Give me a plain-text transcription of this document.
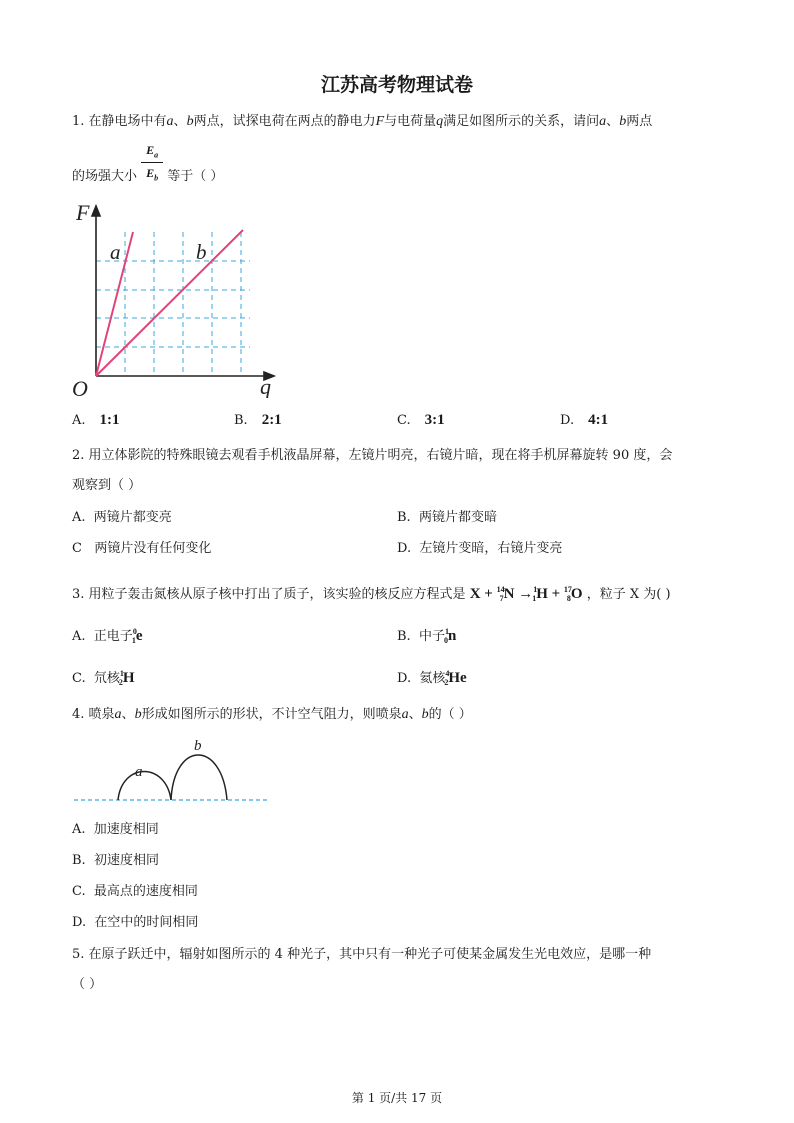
江苏高考物理试卷
1. 在静电场中有a、b两点，试探电荷在两点的静电力F与电荷量q满足如图所示的关系，请问a、b两点
的场强大小 $\frac{E_a}{E_b}$ 等于（ ）
F
q
O
a	b
A. 1:1	B. 2:1	C. 3:1	D. 4:1
2. 用立体影院的特殊眼镜去观看手机液晶屏幕，左镜片明亮，右镜片暗，现在将手机屏幕旋转 90 度，会
观察到（ ）
A. 两镜片都变亮	B. 两镜片都变暗
C 两镜片没有任何变化	D. 左镜片变暗，右镜片变亮
3. 用粒子轰击氮核从原子核中打出了质子，该实验的核反应方程式是 X + $^{14}_7$N →$^1_1$H + $^{17}_8$O ，粒子 X 为( )
A. 正电子$^0_1$e	B. 中子$^1_0$n
C. 氘核$^1_2$H	D. 氦核$^4_2$He
4. 喷泉a、b形成如图所示的形状，不计空气阻力，则喷泉a、b的（ ）
a
b
A. 加速度相同
B. 初速度相同
C. 最高点的速度相同
D. 在空中的时间相同
5. 在原子跃迁中，辐射如图所示的 4 种光子，其中只有一种光子可使某金属发生光电效应，是哪一种
（ ）
第 1 页/共 17 页
